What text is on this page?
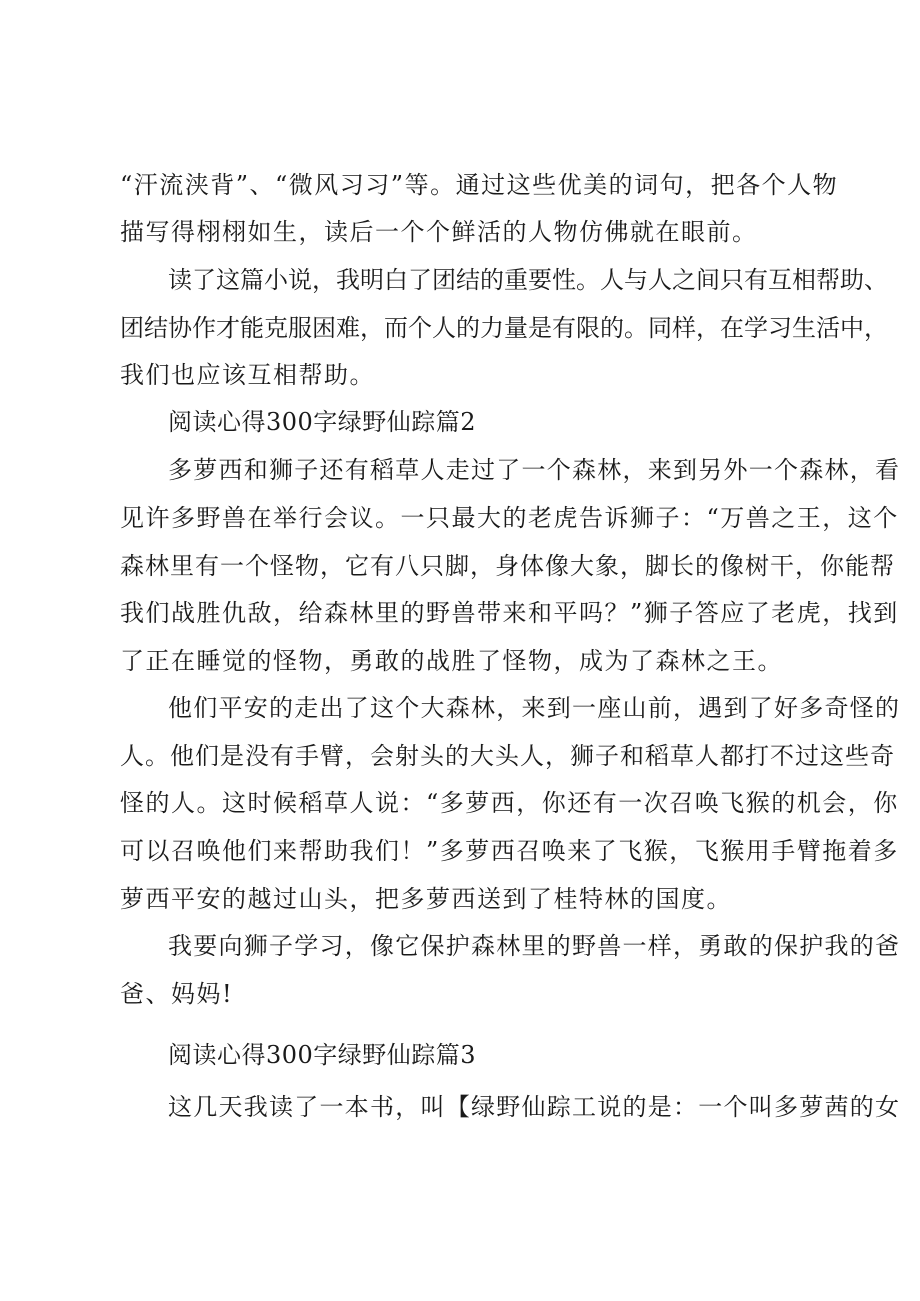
“汗流浃背”、“微风习习”等。通过这些优美的词句，把各个人物
描写得栩栩如生，读后一个个鲜活的人物仿佛就在眼前。
读了这篇小说，我明白了团结的重要性。人与人之间只有互相帮助、
团结协作才能克服困难，而个人的力量是有限的。同样，在学习生活中，
我们也应该互相帮助。
阅读心得300字绿野仙踪篇2
多萝西和狮子还有稻草人走过了一个森林，来到另外一个森林，看
见许多野兽在举行会议。一只最大的老虎告诉狮子：“万兽之王，这个
森林里有一个怪物，它有八只脚，身体像大象，脚长的像树干，你能帮
我们战胜仇敌，给森林里的野兽带来和平吗？”狮子答应了老虎，找到
了正在睡觉的怪物，勇敢的战胜了怪物，成为了森林之王。
他们平安的走出了这个大森林，来到一座山前，遇到了好多奇怪的
人。他们是没有手臂，会射头的大头人，狮子和稻草人都打不过这些奇
怪的人。这时候稻草人说：“多萝西，你还有一次召唤飞猴的机会，你
可以召唤他们来帮助我们！”多萝西召唤来了飞猴，飞猴用手臂拖着多
萝西平安的越过山头，把多萝西送到了桂特林的国度。
我要向狮子学习，像它保护森林里的野兽一样，勇敢的保护我的爸
爸、妈妈!
阅读心得300字绿野仙踪篇3
这几天我读了一本书，叫【绿野仙踪工说的是：一个叫多萝茜的女
